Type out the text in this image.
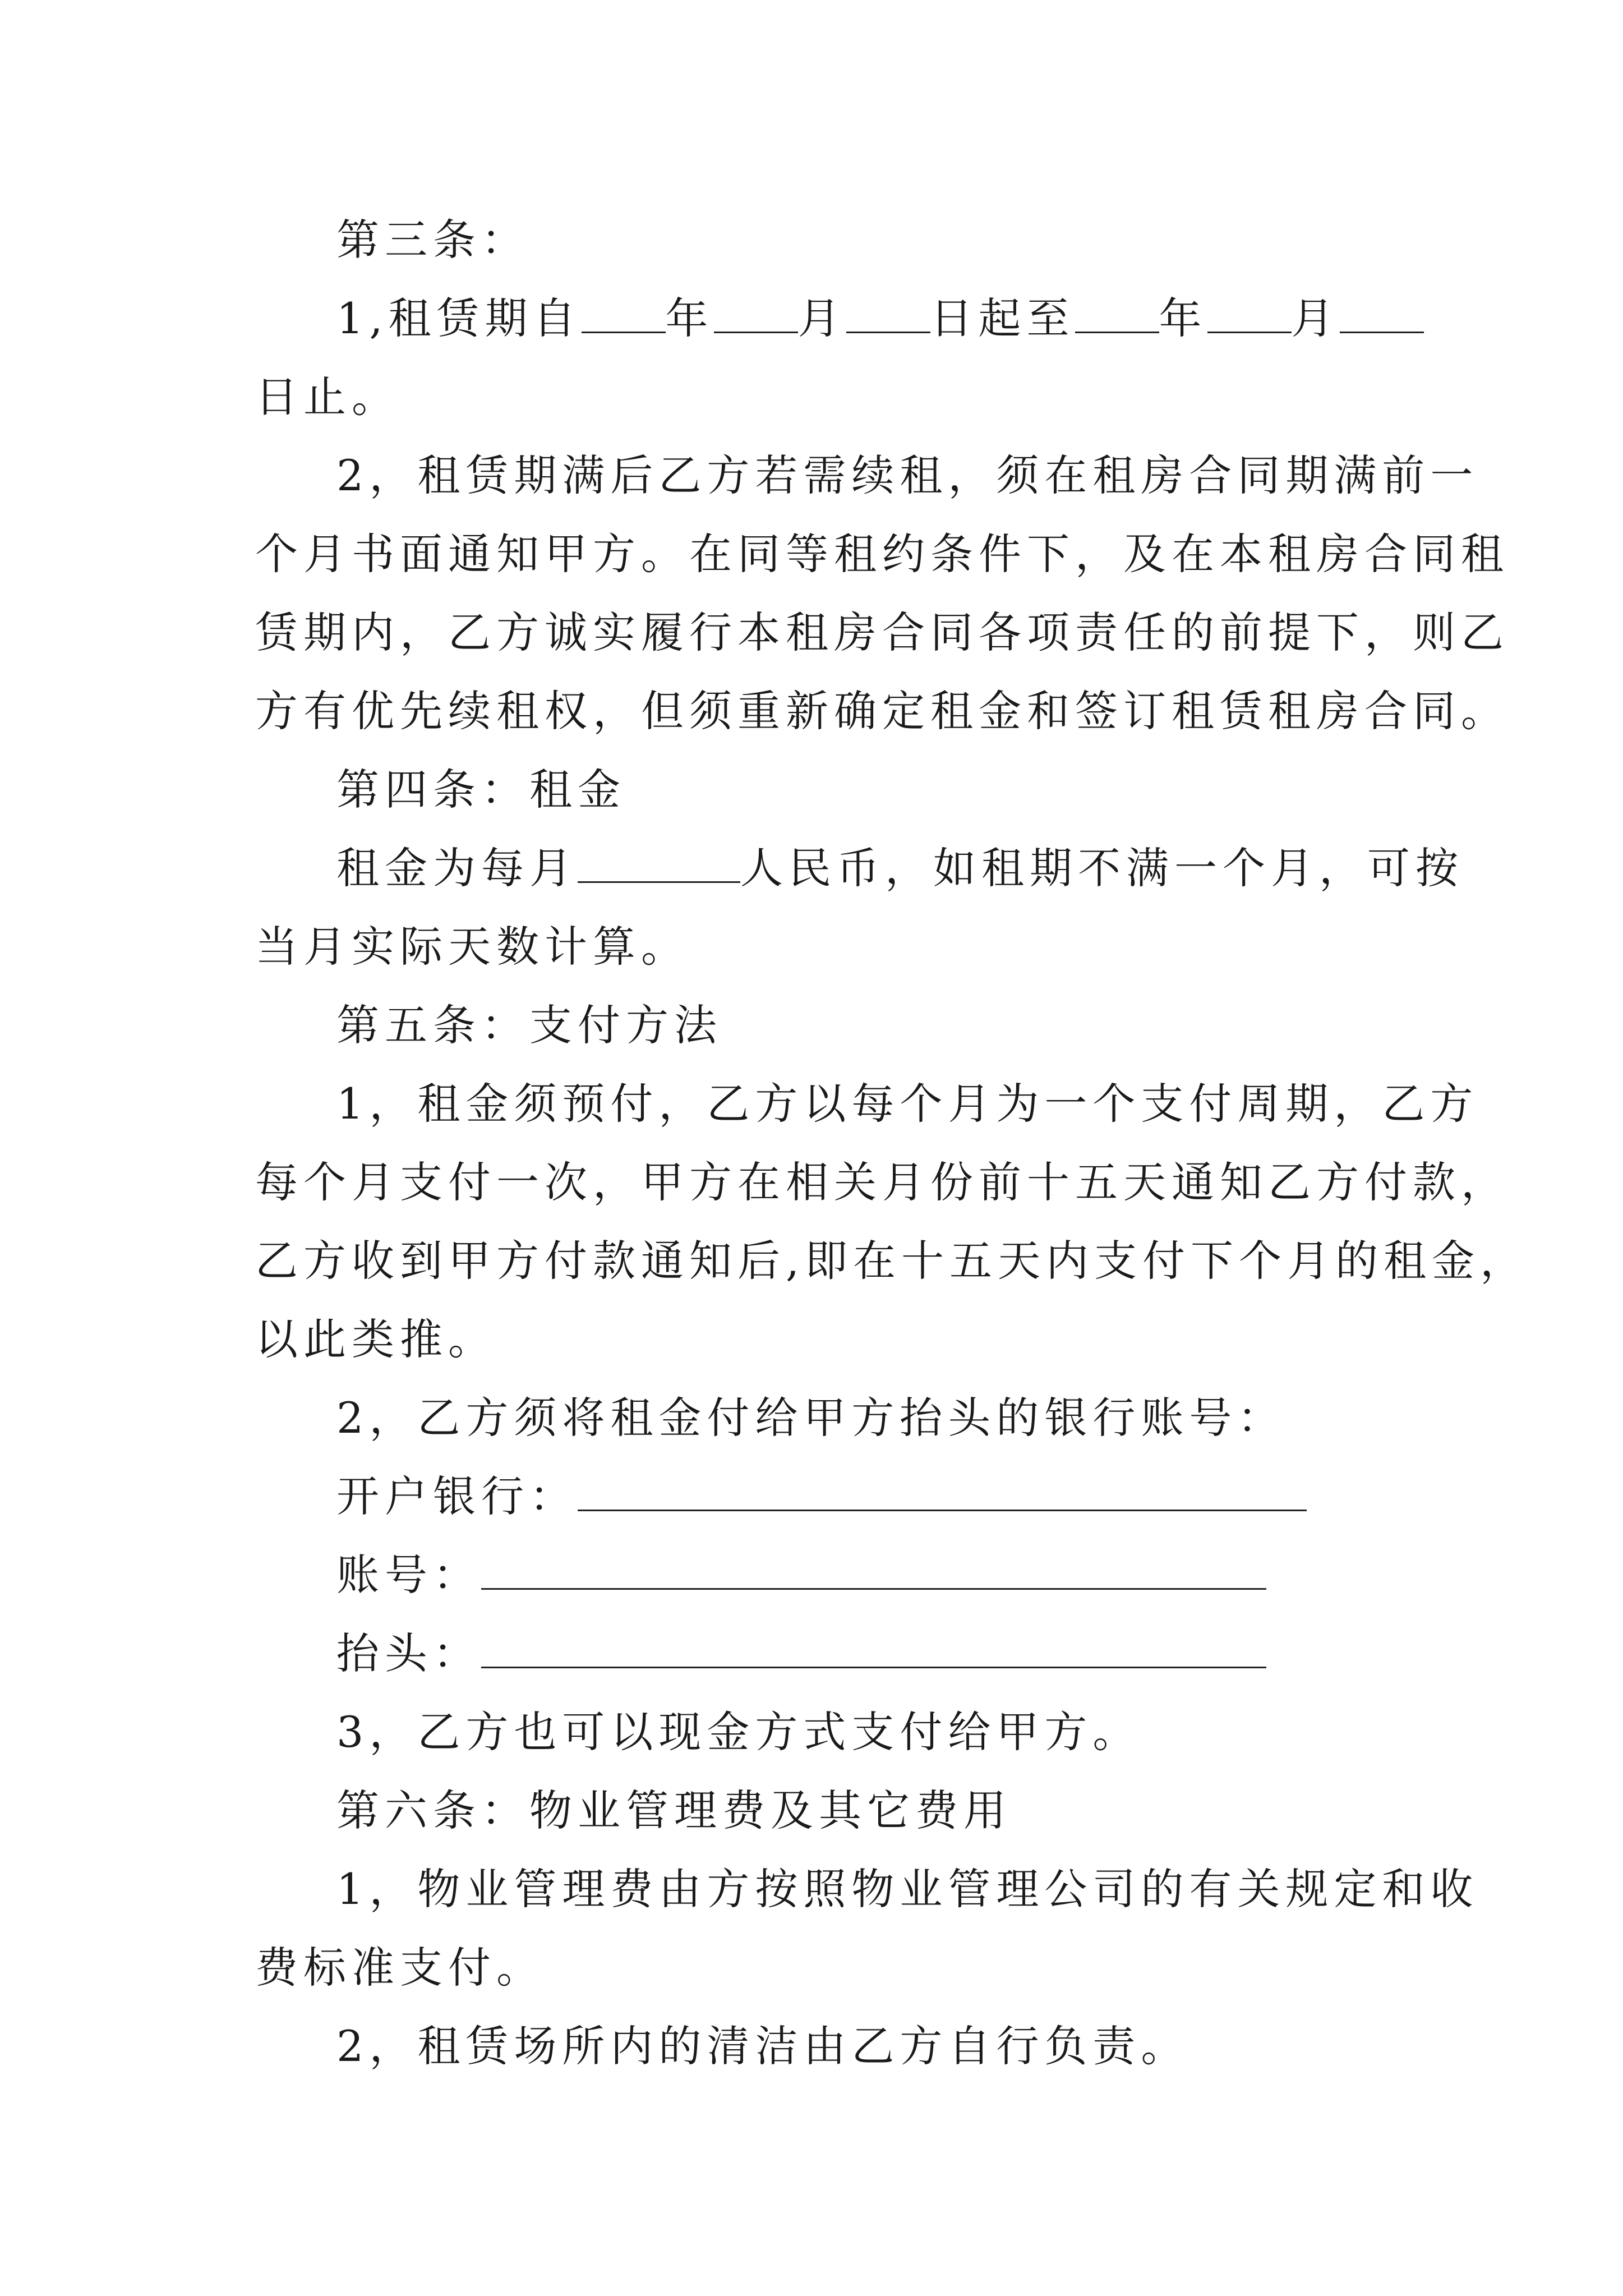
第三条：
1,租赁期自 年 月 日起至 年 月
日止。
2，租赁期满后乙方若需续租，须在租房合同期满前一
个月书面通知甲方。在同等租约条件下，及在本租房合同租
赁期内，乙方诚实履行本租房合同各项责任的前提下，则乙
方有优先续租权，但须重新确定租金和签订租赁租房合同。
第四条：租金
租金为每月	人民币，如租期不满一个月，可按
当月实际天数计算。
第五条：支付方法
1，租金须预付，乙方以每个月为一个支付周期，乙方
每个月支付一次，甲方在相关月份前十五天通知乙方付款，
乙方收到甲方付款通知后,即在十五天内支付下个月的租金，
以此类推。
2，乙方须将租金付给甲方抬头的银行账号：
开户银行：
账号：
抬头：
3，乙方也可以现金方式支付给甲方。
第六条：物业管理费及其它费用
1，物业管理费由方按照物业管理公司的有关规定和收
费标准支付。
2，租赁场所内的清洁由乙方自行负责。
